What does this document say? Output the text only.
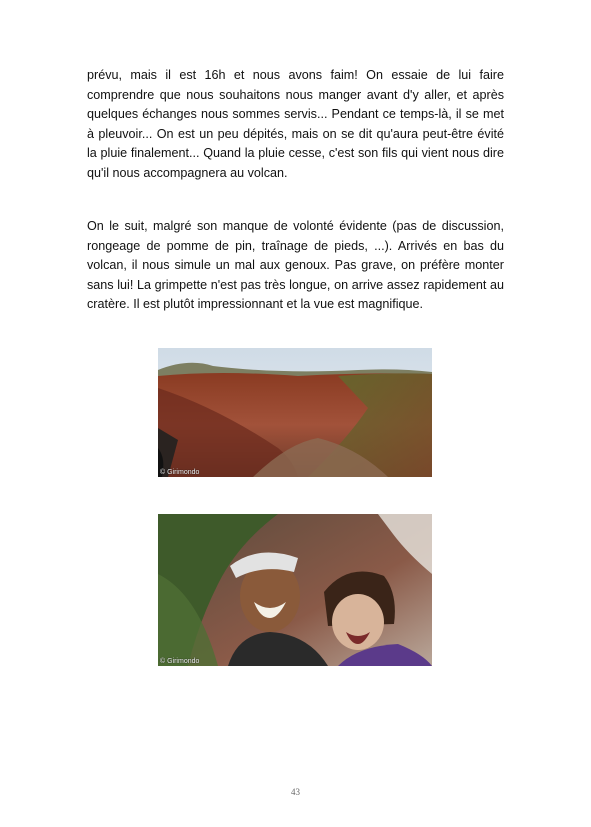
prévu, mais il est 16h et nous avons faim! On essaie de lui faire comprendre que nous souhaitons nous manger avant d'y aller, et après quelques échanges nous sommes servis... Pendant ce temps-là, il se met à pleuvoir... On est un peu dépités, mais on se dit qu'aura peut-être évité la pluie finalement... Quand la pluie cesse, c'est son fils qui vient nous dire qu'il nous accompagnera au volcan.

On le suit, malgré son manque de volonté évidente (pas de discussion, rongeage de pomme de pin, traînage de pieds, ...). Arrivés en bas du volcan, il nous simule un mal aux genoux. Pas grave, on préfère monter sans lui! La grimpette n'est pas très longue, on arrive assez rapidement au cratère. Il est plutôt impressionnant et la vue est magnifique.

© Girimondo
© Girimondo
43
